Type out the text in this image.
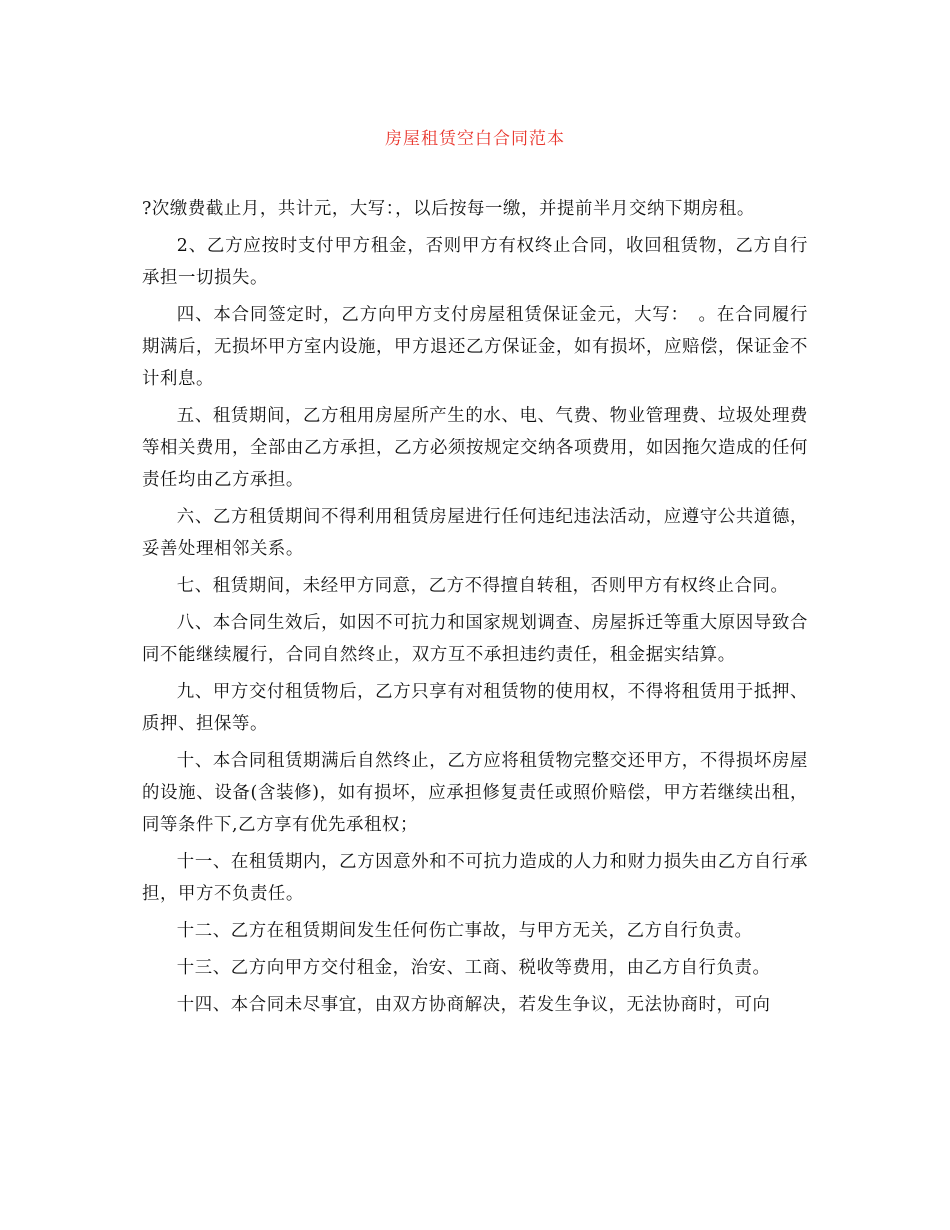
房屋租赁空白合同范本

?次缴费截止月，共计元，大写：，以后按每一缴，并提前半月交纳下期房租。

2、乙方应按时支付甲方租金，否则甲方有权终止合同，收回租赁物，乙方自行承担一切损失。

四、本合同签定时，乙方向甲方支付房屋租赁保证金元，大写：　。在合同履行期满后，无损坏甲方室内设施，甲方退还乙方保证金，如有损坏，应赔偿，保证金不计利息。

五、租赁期间，乙方租用房屋所产生的水、电、气费、物业管理费、垃圾处理费等相关费用，全部由乙方承担，乙方必须按规定交纳各项费用，如因拖欠造成的任何责任均由乙方承担。

六、乙方租赁期间不得利用租赁房屋进行任何违纪违法活动，应遵守公共道德，妥善处理相邻关系。

七、租赁期间，未经甲方同意，乙方不得擅自转租，否则甲方有权终止合同。

八、本合同生效后，如因不可抗力和国家规划调查、房屋拆迁等重大原因导致合同不能继续履行，合同自然终止，双方互不承担违约责任，租金据实结算。

九、甲方交付租赁物后，乙方只享有对租赁物的使用权，不得将租赁用于抵押、质押、担保等。

十、本合同租赁期满后自然终止，乙方应将租赁物完整交还甲方，不得损坏房屋的设施、设备(含装修)，如有损坏，应承担修复责任或照价赔偿，甲方若继续出租，同等条件下,乙方享有优先承租权；

十一、在租赁期内，乙方因意外和不可抗力造成的人力和财力损失由乙方自行承担，甲方不负责任。

十二、乙方在租赁期间发生任何伤亡事故，与甲方无关，乙方自行负责。

十三、乙方向甲方交付租金，治安、工商、税收等费用，由乙方自行负责。

十四、本合同未尽事宜，由双方协商解决，若发生争议，无法协商时，可向
